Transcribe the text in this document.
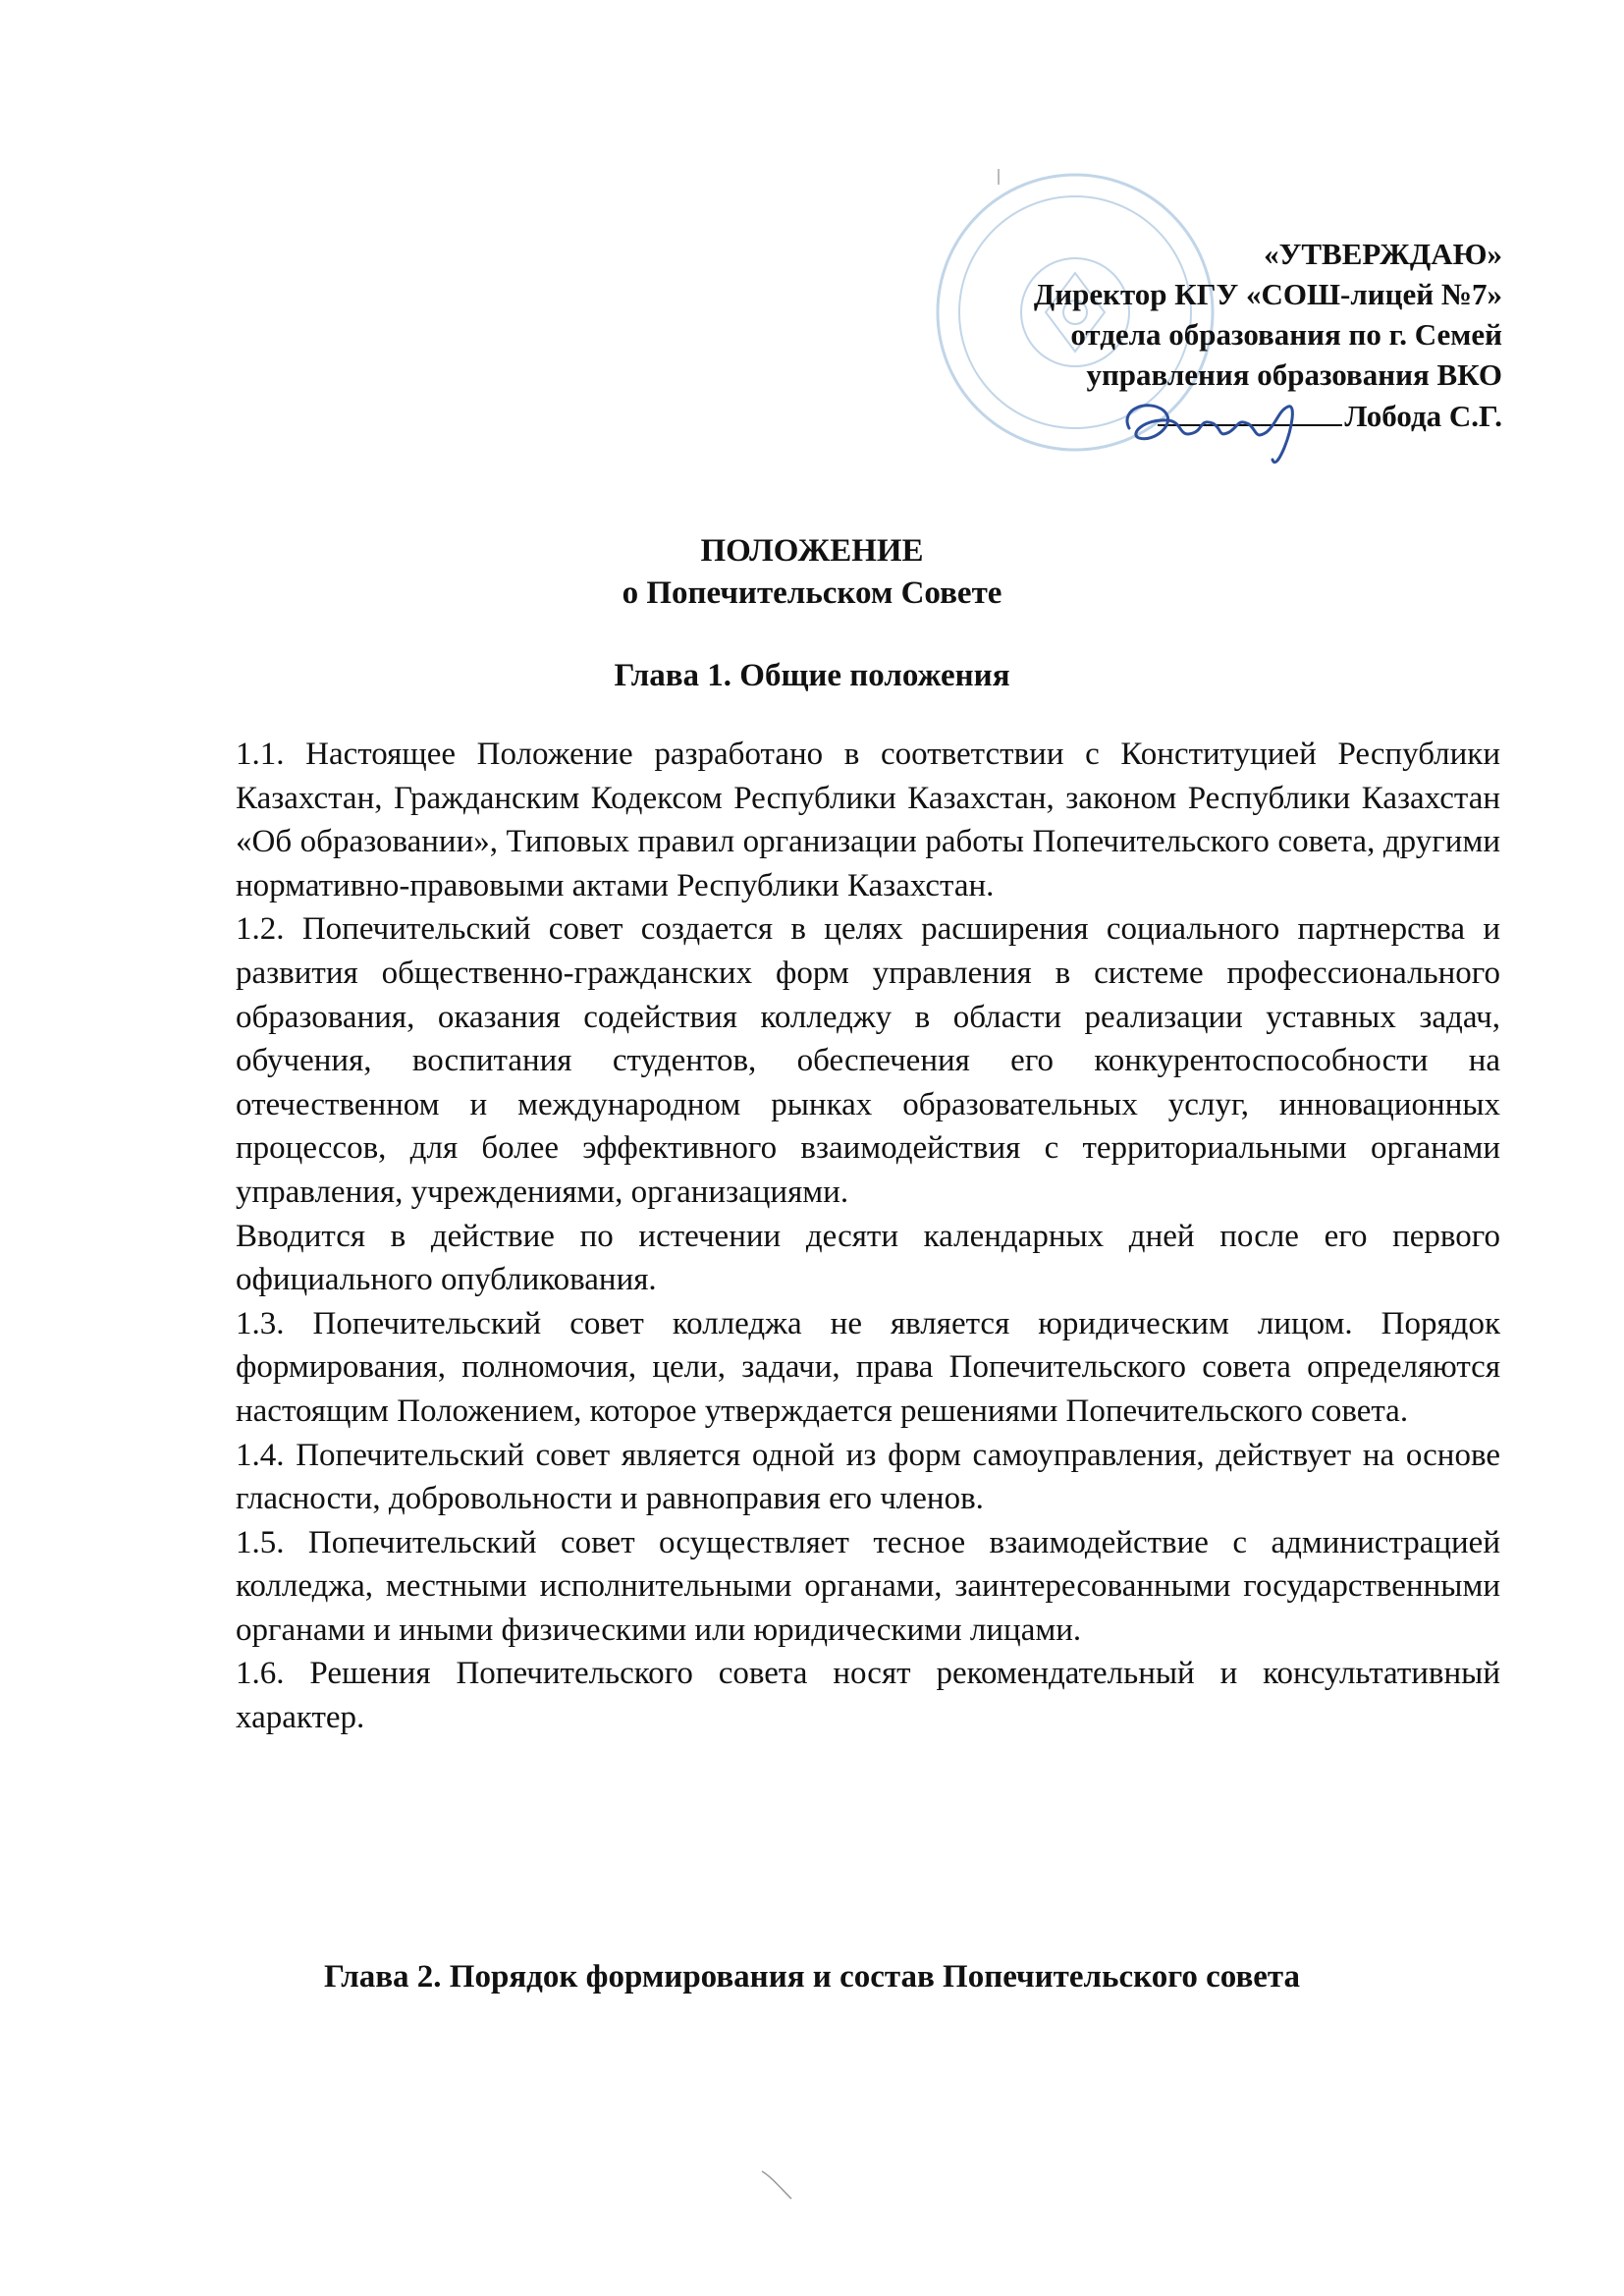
«УТВЕРЖДАЮ»
Директор КГУ «СОШ-лицей №7»
отдела образования по г. Семей
управления образования ВКО
Лобода С.Г.
ПОЛОЖЕНИЕ
о Попечительском Совете
Глава 1. Общие положения

1.1. Настоящее Положение разработано в соответствии с Конституцией Республики Казахстан, Гражданским Кодексом Республики Казахстан, законом Республики Казахстан «Об образовании», Типовых правил организации работы Попечительского совета, другими нормативно-правовыми актами Республики Казахстан.

1.2. Попечительский совет создается в целях расширения социального партнерства и развития общественно-гражданских форм управления в системе профессионального образования, оказания содействия колледжу в области реализации уставных задач, обучения, воспитания студентов, обеспечения его конкурентоспособности на отечественном и международном рынках образовательных услуг, инновационных процессов, для более эффективного взаимодействия с территориальными органами управления, учреждениями, организациями.

Вводится в действие по истечении десяти календарных дней после его первого официального опубликования.

1.3. Попечительский совет колледжа не является юридическим лицом. Порядок формирования, полномочия, цели, задачи, права Попечительского совета определяются настоящим Положением, которое утверждается решениями Попечительского совета.

1.4. Попечительский совет является одной из форм самоуправления, действует на основе гласности, добровольности и равноправия его членов.

1.5. Попечительский совет осуществляет тесное взаимодействие с администрацией колледжа, местными исполнительными органами, заинтересованными государственными органами и иными физическими или юридическими лицами.

1.6. Решения Попечительского совета носят рекомендательный и консультативный характер.

Глава 2. Порядок формирования и состав Попечительского совета
